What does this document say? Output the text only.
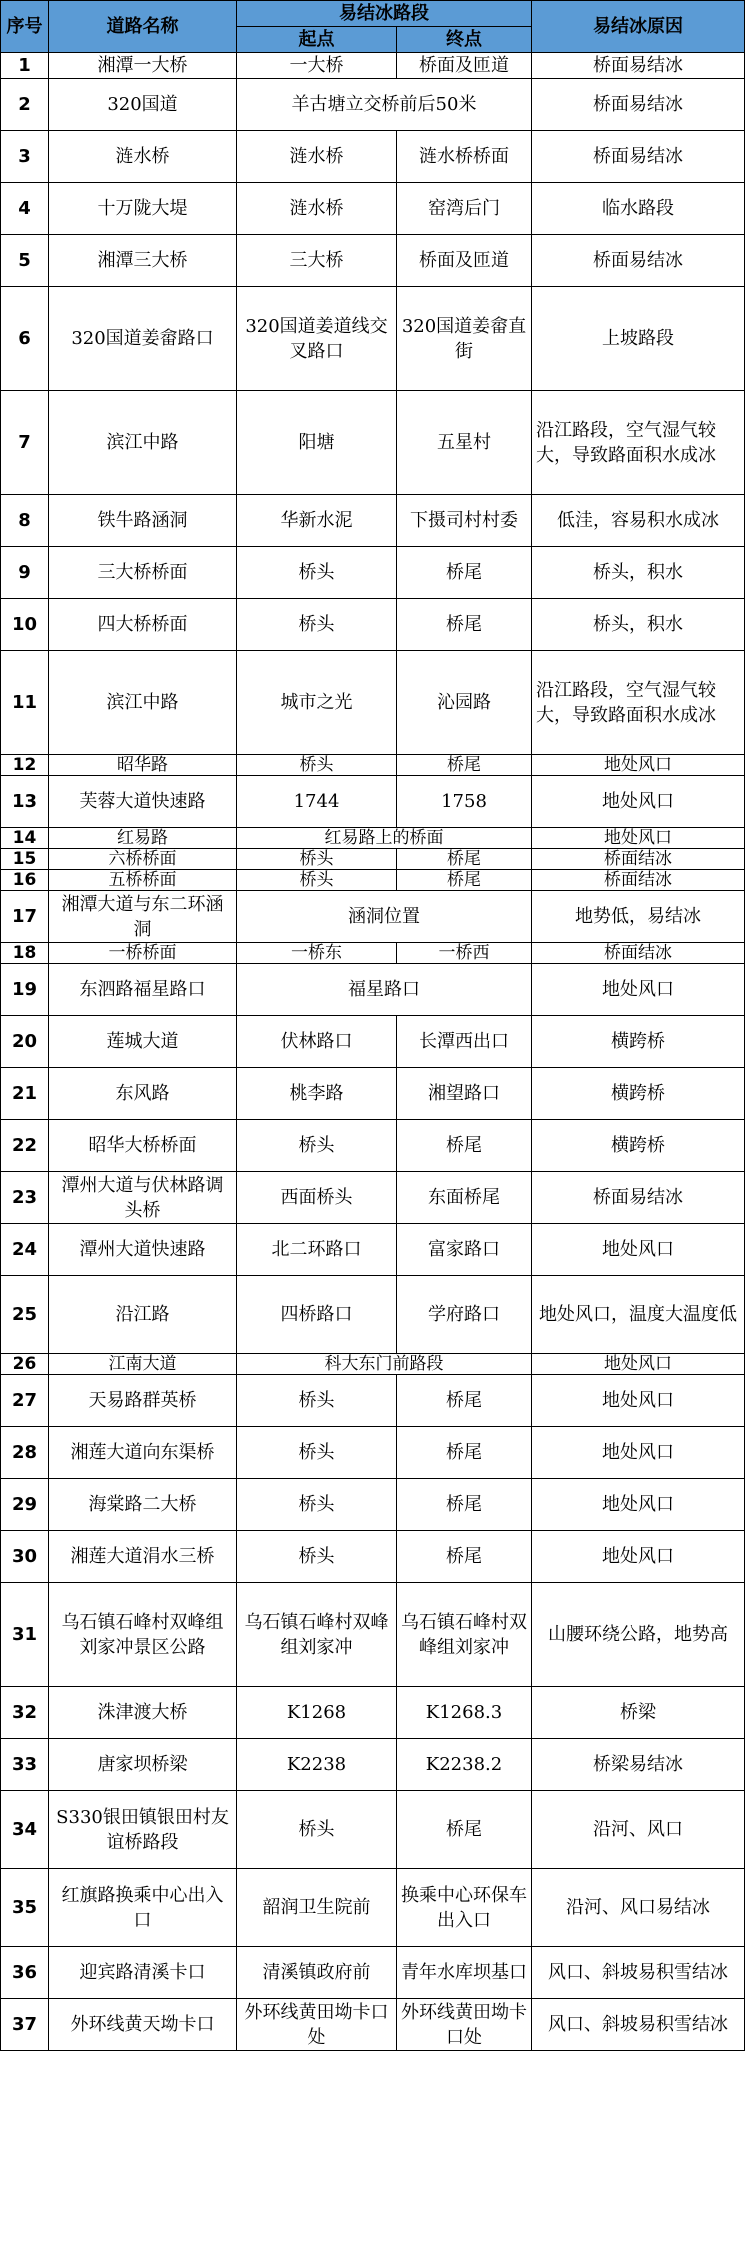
序号	道路名称	易结冰路段		易结冰原因
		起点	终点	
1	湘潭一大桥	一大桥	桥面及匝道	桥面易结冰
2	320国道	羊古塘立交桥前后50米		桥面易结冰
3	涟水桥	涟水桥	涟水桥桥面	桥面易结冰
4	十万陇大堤	涟水桥	窑湾后门	临水路段
5	湘潭三大桥	三大桥	桥面及匝道	桥面易结冰
6	320国道姜畲路口	320国道姜道线交叉路口	320国道姜畲直街	上坡路段
7	滨江中路	阳塘	五星村	沿江路段，空气湿气较大，导致路面积水成冰
8	铁牛路涵洞	华新水泥	下摄司村村委	低洼，容易积水成冰
9	三大桥桥面	桥头	桥尾	桥头，积水
10	四大桥桥面	桥头	桥尾	桥头，积水
11	滨江中路	城市之光	沁园路	沿江路段，空气湿气较大，导致路面积水成冰
12	昭华路	桥头	桥尾	地处风口
13	芙蓉大道快速路	1744	1758	地处风口
14	红易路	红易路上的桥面		地处风口
15	六桥桥面	桥头	桥尾	桥面结冰
16	五桥桥面	桥头	桥尾	桥面结冰
17	湘潭大道与东二环涵洞	涵洞位置		地势低，易结冰
18	一桥桥面	一桥东	一桥西	桥面结冰
19	东泗路福星路口	福星路口		地处风口
20	莲城大道	伏林路口	长潭西出口	横跨桥
21	东风路	桃李路	湘望路口	横跨桥
22	昭华大桥桥面	桥头	桥尾	横跨桥
23	潭州大道与伏林路调头桥	西面桥头	东面桥尾	桥面易结冰
24	潭州大道快速路	北二环路口	富家路口	地处风口
25	沿江路	四桥路口	学府路口	地处风口，温度大温度低
26	江南大道	科大东门前路段		地处风口
27	天易路群英桥	桥头	桥尾	地处风口
28	湘莲大道向东渠桥	桥头	桥尾	地处风口
29	海棠路二大桥	桥头	桥尾	地处风口
30	湘莲大道涓水三桥	桥头	桥尾	地处风口
31	乌石镇石峰村双峰组刘家冲景区公路	乌石镇石峰村双峰组刘家冲	乌石镇石峰村双峰组刘家冲	山腰环绕公路，地势高
32	洙津渡大桥	K1268	K1268.3	桥梁
33	唐家坝桥梁	K2238	K2238.2	桥梁易结冰
34	S330银田镇银田村友谊桥路段	桥头	桥尾	沿河、风口
35	红旗路换乘中心出入口	韶润卫生院前	换乘中心环保车出入口	沿河、风口易结冰
36	迎宾路清溪卡口	清溪镇政府前	青年水库坝基口	风口、斜坡易积雪结冰
37	外环线黄天坳卡口	外环线黄田坳卡口处	外环线黄田坳卡口处	风口、斜坡易积雪结冰
